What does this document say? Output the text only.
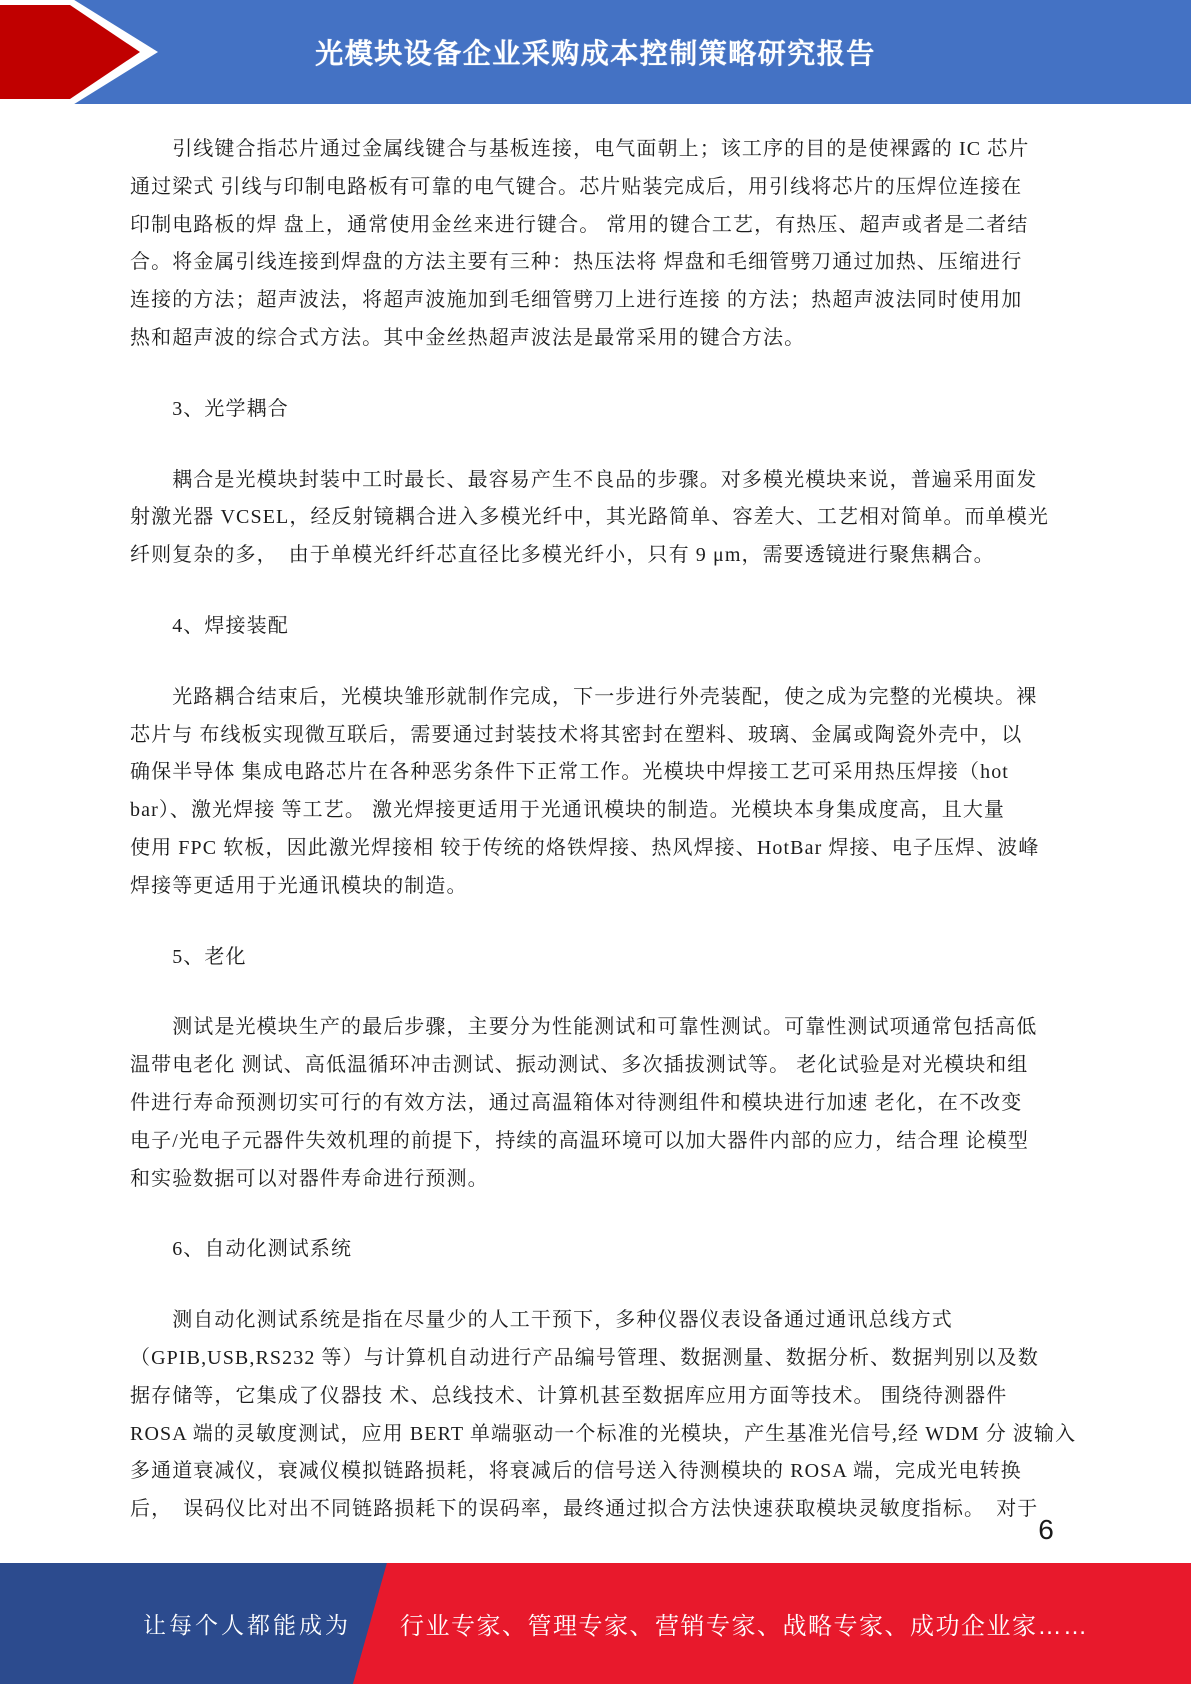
光模块设备企业采购成本控制策略研究报告
　　引线键合指芯片通过金属线键合与基板连接，电气面朝上；该工序的目的是使裸露的 IC 芯片
通过梁式 引线与印制电路板有可靠的电气键合。芯片贴装完成后，用引线将芯片的压焊位连接在
印制电路板的焊 盘上，通常使用金丝来进行键合。 常用的键合工艺，有热压、超声或者是二者结
合。将金属引线连接到焊盘的方法主要有三种：热压法将 焊盘和毛细管劈刀通过加热、压缩进行
连接的方法；超声波法，将超声波施加到毛细管劈刀上进行连接 的方法；热超声波法同时使用加
热和超声波的综合式方法。其中金丝热超声波法是最常采用的键合方法。
　　3、光学耦合
　　耦合是光模块封装中工时最长、最容易产生不良品的步骤。对多模光模块来说，普遍采用面发
射激光器 VCSEL，经反射镜耦合进入多模光纤中，其光路简单、容差大、工艺相对简单。而单模光
纤则复杂的多，　由于单模光纤纤芯直径比多模光纤小，只有 9 μm，需要透镜进行聚焦耦合。
　　4、焊接装配
　　光路耦合结束后，光模块雏形就制作完成，下一步进行外壳装配，使之成为完整的光模块。裸
芯片与 布线板实现微互联后，需要通过封装技术将其密封在塑料、玻璃、金属或陶瓷外壳中，以
确保半导体 集成电路芯片在各种恶劣条件下正常工作。光模块中焊接工艺可采用热压焊接（hot
bar）、激光焊接 等工艺。 激光焊接更适用于光通讯模块的制造。光模块本身集成度高，且大量
使用 FPC 软板，因此激光焊接相 较于传统的烙铁焊接、热风焊接、HotBar 焊接、电子压焊、波峰
焊接等更适用于光通讯模块的制造。
　　5、老化
　　测试是光模块生产的最后步骤，主要分为性能测试和可靠性测试。可靠性测试项通常包括高低
温带电老化 测试、高低温循环冲击测试、振动测试、多次插拔测试等。 老化试验是对光模块和组
件进行寿命预测切实可行的有效方法，通过高温箱体对待测组件和模块进行加速 老化，在不改变
电子/光电子元器件失效机理的前提下，持续的高温环境可以加大器件内部的应力，结合理 论模型
和实验数据可以对器件寿命进行预测。
　　6、自动化测试系统
　　测自动化测试系统是指在尽量少的人工干预下，多种仪器仪表设备通过通讯总线方式
（GPIB,USB,RS232 等）与计算机自动进行产品编号管理、数据测量、数据分析、数据判别以及数
据存储等，它集成了仪器技 术、总线技术、计算机甚至数据库应用方面等技术。 围绕待测器件
ROSA 端的灵敏度测试，应用 BERT 单端驱动一个标准的光模块，产生基准光信号,经 WDM 分 波输入
多通道衰减仪，衰减仪模拟链路损耗，将衰减后的信号送入待测模块的 ROSA 端，完成光电转换
后，　误码仪比对出不同链路损耗下的误码率，最终通过拟合方法快速获取模块灵敏度指标。　对于
6
让每个人都能成为 行业专家、管理专家、营销专家、战略专家、成功企业家……
